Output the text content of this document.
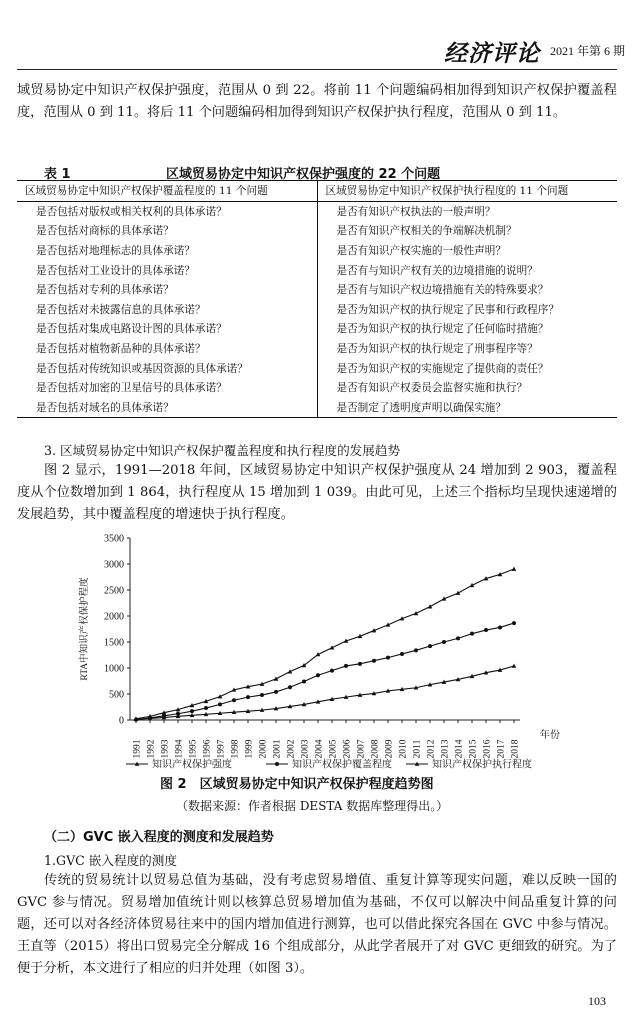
经济评论 2021 年第 6 期

域贸易协定中知识产权保护强度，范围从 0 到 22。将前 11 个问题编码相加得到知识产权保护覆盖程度，范围从 0 到 11。将后 11 个问题编码相加得到知识产权保护执行程度，范围从 0 到 11。

表 1	区域贸易协定中知识产权保护强度的 22 个问题
区域贸易协定中知识产权保护覆盖程度的 11 个问题	区域贸易协定中知识产权保护执行程度的 11 个问题
是否包括对版权或相关权利的具体承诺？	是否有知识产权执法的一般声明？
是否包括对商标的具体承诺？	是否有知识产权相关的争端解决机制？
是否包括对地理标志的具体承诺？	是否有知识产权实施的一般性声明？
是否包括对工业设计的具体承诺？	是否有与知识产权有关的边境措施的说明？
是否包括对专利的具体承诺？	是否有与知识产权边境措施有关的特殊要求？
是否包括对未披露信息的具体承诺？	是否为知识产权的执行规定了民事和行政程序？
是否包括对集成电路设计图的具体承诺？	是否为知识产权的执行规定了任何临时措施？
是否包括对植物新品种的具体承诺？	是否为知识产权的执行规定了刑事程序等？
是否包括对传统知识或基因资源的具体承诺？	是否为知识产权的实施规定了提供商的责任？
是否包括对加密的卫星信号的具体承诺？	是否有知识产权委员会监督实施和执行？
是否包括对域名的具体承诺？	是否制定了透明度声明以确保实施？
3. 区域贸易协定中知识产权保护覆盖程度和执行程度的发展趋势

图 2 显示，1991—2018 年间，区域贸易协定中知识产权保护强度从 24 增加到 2 903，覆盖程度从个位数增加到 1 864，执行程度从 15 增加到 1 039。由此可见，上述三个指标均呈现快速递增的发展趋势，其中覆盖程度的增速快于执行程度。

0
500
1000
1500
2000
2500
3000
3500
1991 1992 1993 1994 1995 1996 1997 1998 1999 2000 2001 2002 2003 2004 2005 2006 2007 2008 2009 2010 2011 2012 2013 2014 2015 2016 2017 2018
年份
RTA中知识产权保护程度
知识产权保护强度	知识产权保护覆盖程度	知识产权保护执行程度
图 2　区域贸易协定中知识产权保护程度趋势图
（数据来源：作者根据 DESTA 数据库整理得出。）
（二）GVC 嵌入程度的测度和发展趋势
1.GVC 嵌入程度的测度

传统的贸易统计以贸易总值为基础，没有考虑贸易增值、重复计算等现实问题，难以反映一国的 GVC 参与情况。贸易增加值统计则以核算总贸易增加值为基础，不仅可以解决中间品重复计算的问题，还可以对各经济体贸易往来中的国内增加值进行测算，也可以借此探究各国在 GVC 中参与情况。王直等（2015）将出口贸易完全分解成 16 个组成部分，从此学者展开了对 GVC 更细致的研究。为了便于分析，本文进行了相应的归并处理（如图 3）。

103
